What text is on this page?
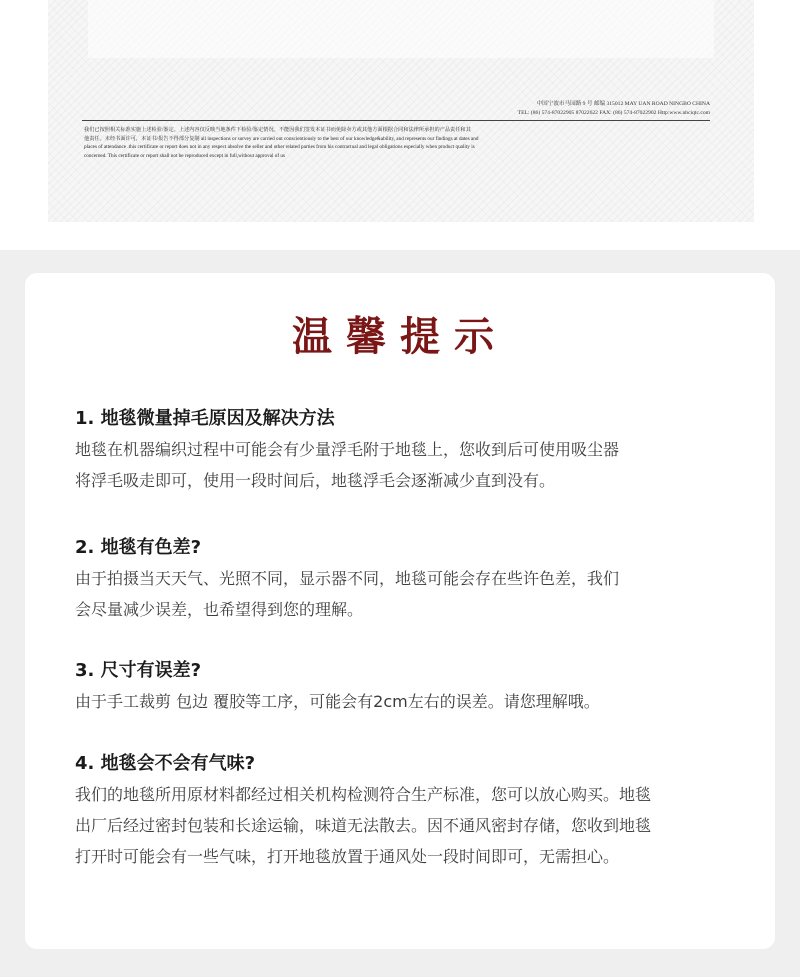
中国宁波市马园路 9 号 邮编 315012 MAY UAN ROAD NINGBO CHINA
TEL: (86) 574-87022905 87022622 FAX: (86) 574-87022902 Http:www.nbciqtc.com
我们已按照相关标准实施上述检验/鉴定。上述内容仅反映当地条件下检验/鉴定情况。不能因我们签发本证书而免除卖方或其他方面根据合同和法律所承担的产品责任和其
他责任。未经书面许可，本证书/报告不得部分复制 all inspections or survey are carried out conscientiously to the best of our knowledge&ability, and represents our findings at dates and
places of attendance .this certificate or report does not in any respect absolve the seller and other related parties from his contractual and legal obligations especially when product quality is
concerned. This certificate or report shall not be reproduced except in full,without approval of us
温馨提示

1. 地毯微量掉毛原因及解决方法

地毯在机器编织过程中可能会有少量浮毛附于地毯上，您收到后可使用吸尘器
将浮毛吸走即可，使用一段时间后，地毯浮毛会逐渐减少直到没有。

2. 地毯有色差?

由于拍摄当天天气、光照不同，显示器不同，地毯可能会存在些许色差，我们
会尽量减少误差，也希望得到您的理解。

3. 尺寸有误差?

由于手工裁剪 包边 覆胶等工序，可能会有2cm左右的误差。请您理解哦。

4. 地毯会不会有气味?

我们的地毯所用原材料都经过相关机构检测符合生产标准，您可以放心购买。地毯
出厂后经过密封包装和长途运输，味道无法散去。因不通风密封存储，您收到地毯
打开时可能会有一些气味，打开地毯放置于通风处一段时间即可，无需担心。
